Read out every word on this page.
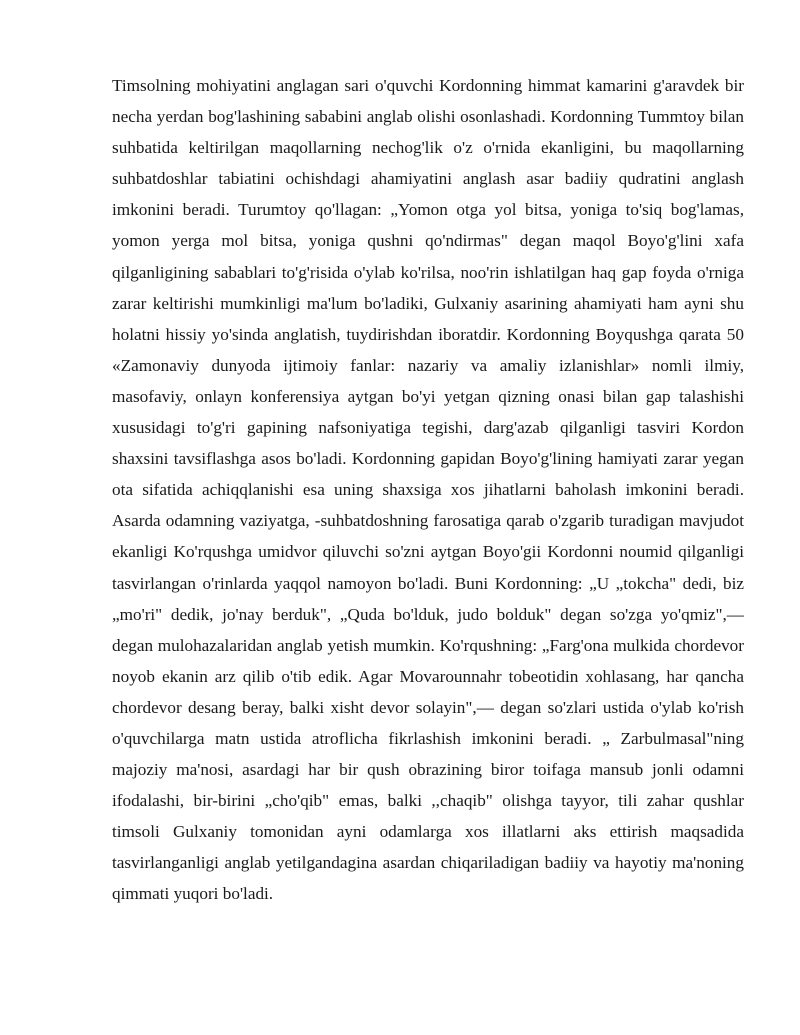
Timsolning mohiyatini anglagan sari o'quvchi Kordonning himmat kamarini g'aravdek bir necha yerdan bog'lashining sababini anglab olishi osonlashadi. Kordonning Tummtoy bilan suhbatida keltirilgan maqollarning nechog'lik o'z o'rnida ekanligini, bu maqollarning suhbatdoshlar tabiatini ochishdagi ahamiyatini anglash asar badiiy qudratini anglash imkonini beradi. Turumtoy qo'llagan: „Yomon otga yol bitsa, yoniga to'siq bog'lamas, yomon yerga mol bitsa, yoniga qushni qo'ndirmas" degan maqol Boyo'g'lini xafa qilganligining sabablari to'g'risida o'ylab ko'rilsa, noo'rin ishlatilgan haq gap foyda o'rniga zarar keltirishi mumkinligi ma'lum bo'ladiki, Gulxaniy asarining ahamiyati ham ayni shu holatni hissiy yo'sinda anglatish, tuydirishdan iboratdir. Kordonning Boyqushga qarata 50 «Zamonaviy dunyoda ijtimoiy fanlar: nazariy va amaliy izlanishlar» nomli ilmiy, masofaviy, onlayn konferensiya aytgan bo'yi yetgan qizning onasi bilan gap talashishi xususidagi to'g'ri gapining nafsoniyatiga tegishi, darg'azab qilganligi tasviri Kordon shaxsini tavsiflashga asos bo'ladi. Kordonning gapidan Boyo'g'lining hamiyati zarar yegan ota sifatida achiqqlanishi esa uning shaxsiga xos jihatlarni baholash imkonini beradi. Asarda odamning vaziyatga, -suhbatdoshning farosatiga qarab o'zgarib turadigan mavjudot ekanligi Ko'rqushga umidvor qiluvchi so'zni aytgan Boyo'gii Kordonni noumid qilganligi tasvirlangan o'rinlarda yaqqol namoyon bo'ladi. Buni Kordonning: „U „tokcha" dedi, biz „mo'ri" dedik, jo'nay berduk", „Quda bo'lduk, judo bolduk" degan so'zga yo'qmiz",— degan mulohazalaridan anglab yetish mumkin. Ko'rqushning: „Farg'ona mulkida chordevor noyob ekanin arz qilib o'tib edik. Agar Movarounnahr tobeotidin xohlasang, har qancha chordevor desang beray, balki xisht devor solayin",— degan so'zlari ustida o'ylab ko'rish o'quvchilarga matn ustida atroflicha fikrlashish imkonini beradi. „ Zarbulmasal"ning majoziy ma'nosi, asardagi har bir qush obrazining biror toifaga mansub jonli odamni ifodalashi, bir-birini „cho'qib" emas, balki ,,chaqib" olishga tayyor, tili zahar qushlar timsoli Gulxaniy tomonidan ayni odamlarga xos illatlarni aks ettirish maqsadida tasvirlanganligi anglab yetilgandagina asardan chiqariladigan badiiy va hayotiy ma'noning qimmati yuqori bo'ladi.
